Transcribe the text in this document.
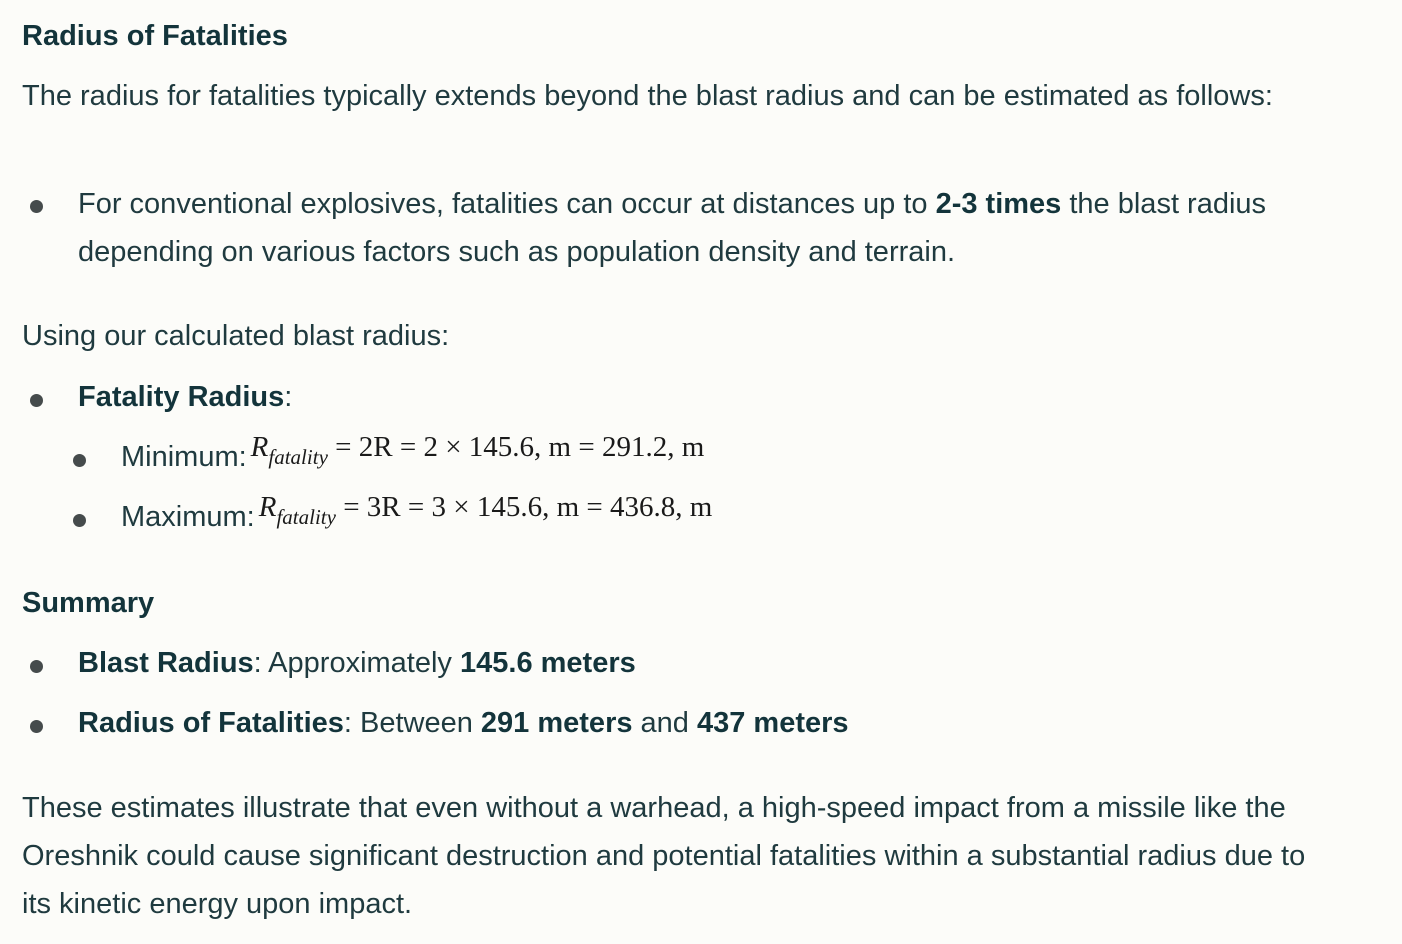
Radius of Fatalities

The radius for fatalities typically extends beyond the blast radius and can be estimated as follows:

For conventional explosives, fatalities can occur at distances up to 2-3 times the blast radius depending on various factors such as population density and terrain.

Using our calculated blast radius:

Fatality Radius:

Minimum: $R_{fatality} = 2R = 2 \times 145.6$, m = 291.2, m

Maximum: $R_{fatality} = 3R = 3 \times 145.6$, m = 436.8, m

Summary

Blast Radius: Approximately 145.6 meters

Radius of Fatalities: Between 291 meters and 437 meters

These estimates illustrate that even without a warhead, a high-speed impact from a missile like the Oreshnik could cause significant destruction and potential fatalities within a substantial radius due to its kinetic energy upon impact.
